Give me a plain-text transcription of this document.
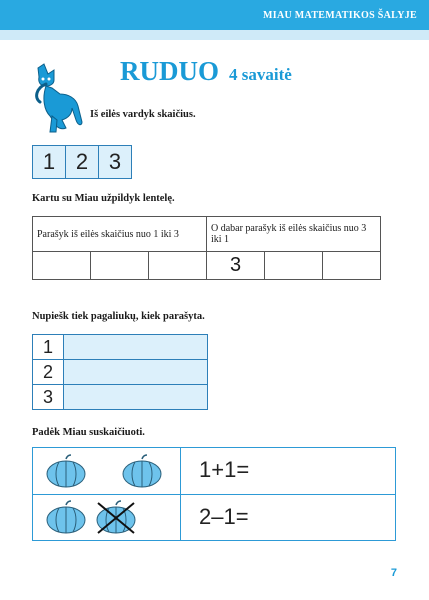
MIAU MATEMATIKOS ŠALYJE
RUDUO 4 savaitė
Iš eilės vardyk skaičius.
1 2 3
Kartu su Miau užpildyk lentelę.
Parašyk iš eilės skaičius nuo 1 iki 3			O dabar parašyk iš eilės skaičius nuo 3 iki 1		
			3		
Nupiešk tiek pagaliukų, kiek parašyta.
1	
2	
3	
Padėk Miau suskaičiuoti.
1+1=
2–1=
7
